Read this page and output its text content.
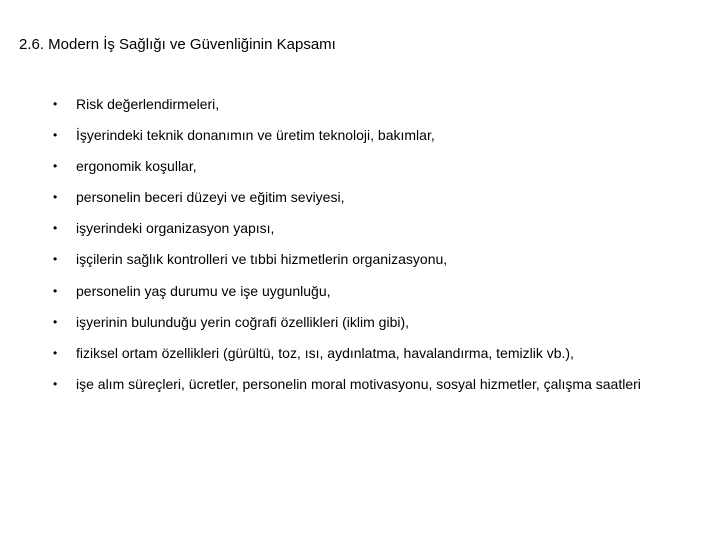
2.6. Modern İş Sağlığı ve Güvenliğinin Kapsamı
•	Risk değerlendirmeleri,
•	İşyerindeki teknik donanımın ve üretim teknoloji, bakımlar,
•	ergonomik koşullar,
•	personelin beceri düzeyi ve eğitim seviyesi,
•	işyerindeki organizasyon yapısı,
•	işçilerin sağlık kontrolleri ve tıbbi hizmetlerin organizasyonu,
•	personelin yaş durumu ve işe uygunluğu,
•	işyerinin bulunduğu yerin coğrafi özellikleri (iklim gibi),
•	fiziksel ortam özellikleri (gürültü, toz, ısı, aydınlatma, havalandırma, temizlik vb.),
•	işe alım süreçleri, ücretler, personelin moral motivasyonu, sosyal hizmetler, çalışma saatleri
